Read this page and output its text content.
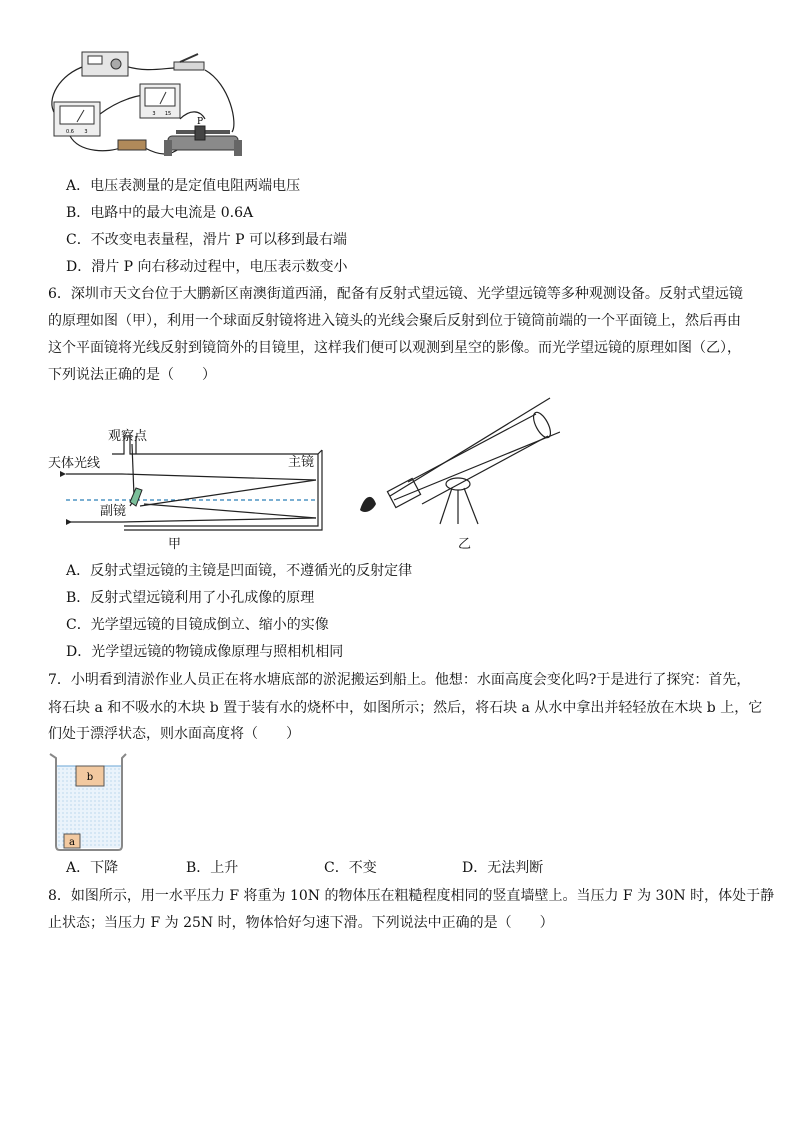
0.6 3
3 15
P
A．电压表测量的是定值电阻两端电压
B．电路中的最大电流是 0.6A
C．不改变电表量程，滑片 P 可以移到最右端
D．滑片 P 向右移动过程中，电压表示数变小
6．深圳市天文台位于大鹏新区南澳街道西涌，配备有反射式望远镜、光学望远镜等多种观测设备。反射式望远镜
的原理如图（甲），利用一个球面反射镜将进入镜头的光线会聚后反射到位于镜筒前端的一个平面镜上，然后再由
这个平面镜将光线反射到镜筒外的目镜里，这样我们便可以观测到星空的影像。而光学望远镜的原理如图（乙），
下列说法正确的是（　　）
观察点
天体光线	主镜
副镜
甲	乙
A．反射式望远镜的主镜是凹面镜，不遵循光的反射定律
B．反射式望远镜利用了小孔成像的原理
C．光学望远镜的目镜成倒立、缩小的实像
D．光学望远镜的物镜成像原理与照相机相同
7．小明看到清淤作业人员正在将水塘底部的淤泥搬运到船上。他想：水面高度会变化吗?于是进行了探究：首先，
将石块 a 和不吸水的木块 b 置于装有水的烧杯中，如图所示；然后，将石块 a 从水中拿出并轻轻放在木块 b 上，它
们处于漂浮状态，则水面高度将（　　）
b
a
A．下降	B．上升	C．不变	D．无法判断
8．如图所示，用一水平压力 F 将重为 10N 的物体压在粗糙程度相同的竖直墙壁上。当压力 F 为 30N 时，体处于静
止状态；当压力 F 为 25N 时，物体恰好匀速下滑。下列说法中正确的是（　　）
